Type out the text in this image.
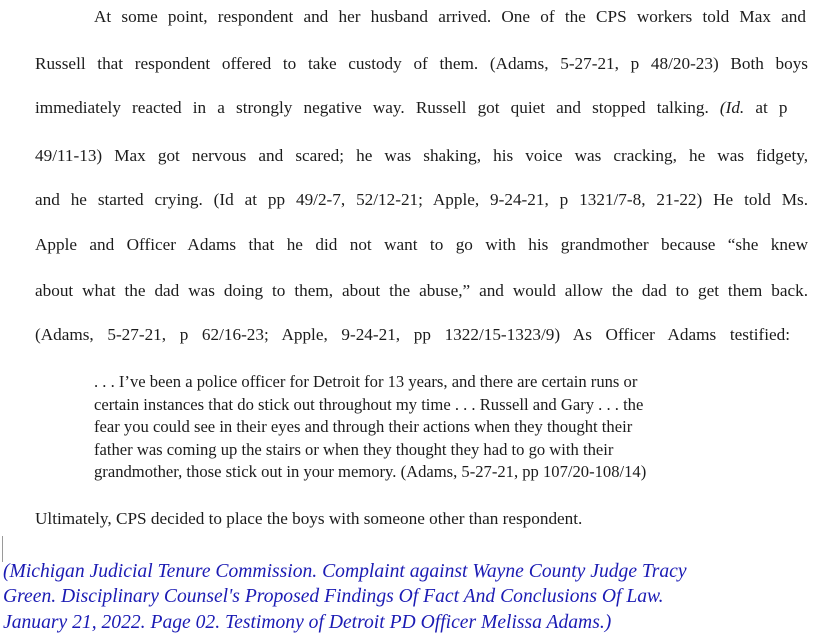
At some point, respondent and her husband arrived. One of the CPS workers told Max and

Russell that respondent offered to take custody of them. (Adams, 5-27-21, p 48/20-23) Both boys

immediately reacted in a strongly negative way. Russell got quiet and stopped talking. (Id. at p

49/11-13) Max got nervous and scared; he was shaking, his voice was cracking, he was fidgety,

and he started crying. (Id at pp 49/2-7, 52/12-21; Apple, 9-24-21, p 1321/7-8, 21-22) He told Ms.

Apple and Officer Adams that he did not want to go with his grandmother because “she knew

about what the dad was doing to them, about the abuse,” and would allow the dad to get them back.

(Adams, 5-27-21, p 62/16-23; Apple, 9-24-21, pp 1322/15-1323/9) As Officer Adams testified:

. . . I’ve been a police officer for Detroit for 13 years, and there are certain runs or

certain instances that do stick out throughout my time . . . Russell and Gary . . . the

fear you could see in their eyes and through their actions when they thought their

father was coming up the stairs or when they thought they had to go with their

grandmother, those stick out in your memory. (Adams, 5-27-21, pp 107/20-108/14)

Ultimately, CPS decided to place the boys with someone other than respondent.

(Michigan Judicial Tenure Commission. Complaint against Wayne County Judge Tracy

Green. Disciplinary Counsel's Proposed Findings Of Fact And Conclusions Of Law.

January 21, 2022. Page 02. Testimony of Detroit PD Officer Melissa Adams.)
